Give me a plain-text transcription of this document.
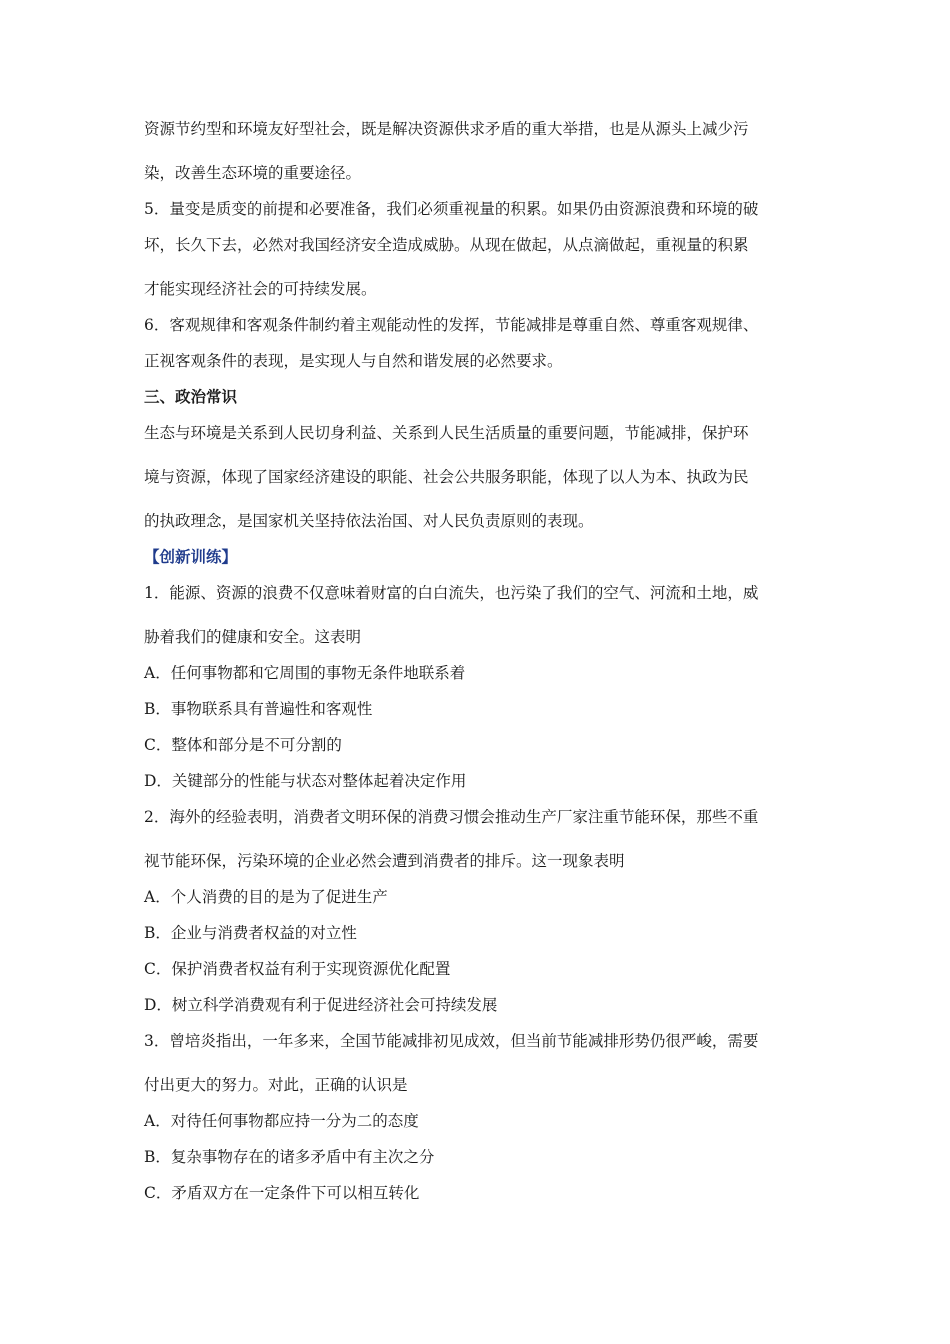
资源节约型和环境友好型社会，既是解决资源供求矛盾的重大举措，也是从源头上减少污
染，改善生态环境的重要途径。
5．量变是质变的前提和必要准备，我们必须重视量的积累。如果仍由资源浪费和环境的破
坏，长久下去，必然对我国经济安全造成威胁。从现在做起，从点滴做起，重视量的积累
才能实现经济社会的可持续发展。
6．客观规律和客观条件制约着主观能动性的发挥，节能减排是尊重自然、尊重客观规律、
正视客观条件的表现，是实现人与自然和谐发展的必然要求。
三、政治常识
生态与环境是关系到人民切身利益、关系到人民生活质量的重要问题，节能减排，保护环
境与资源，体现了国家经济建设的职能、社会公共服务职能，体现了以人为本、执政为民
的执政理念，是国家机关坚持依法治国、对人民负责原则的表现。
【创新训练】
1．能源、资源的浪费不仅意味着财富的白白流失，也污染了我们的空气、河流和土地，威
胁着我们的健康和安全。这表明
A．任何事物都和它周围的事物无条件地联系着
B．事物联系具有普遍性和客观性
C．整体和部分是不可分割的
D．关键部分的性能与状态对整体起着决定作用
2．海外的经验表明，消费者文明环保的消费习惯会推动生产厂家注重节能环保，那些不重
视节能环保，污染环境的企业必然会遭到消费者的排斥。这一现象表明
A．个人消费的目的是为了促进生产
B．企业与消费者权益的对立性
C．保护消费者权益有利于实现资源优化配置
D．树立科学消费观有利于促进经济社会可持续发展
3．曾培炎指出，一年多来，全国节能减排初见成效，但当前节能减排形势仍很严峻，需要
付出更大的努力。对此，正确的认识是
A．对待任何事物都应持一分为二的态度
B．复杂事物存在的诸多矛盾中有主次之分
C．矛盾双方在一定条件下可以相互转化
